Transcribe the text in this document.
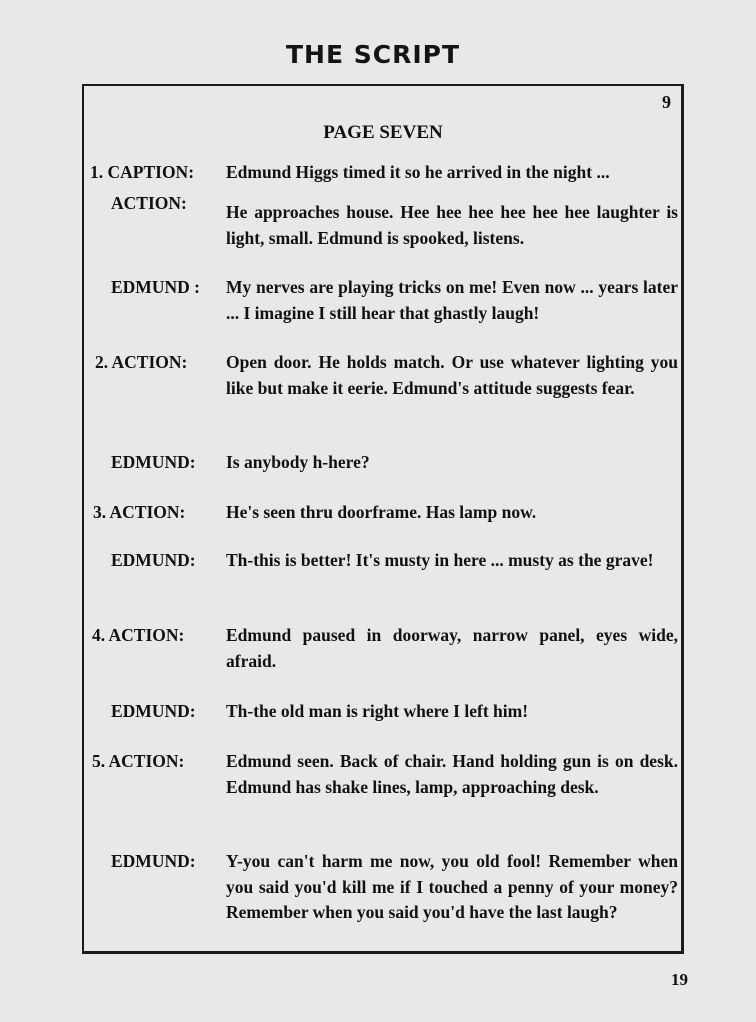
THE SCRIPT
9
PAGE SEVEN
1. CAPTION: Edmund Higgs timed it so he arrived in the night ...
ACTION: He approaches house. Hee hee hee hee hee hee laughter is light, small. Edmund is spooked, listens.
EDMUND : My nerves are playing tricks on me! Even now ... years later ... I imagine I still hear that ghastly laugh!
2. ACTION: Open door. He holds match. Or use whatever lighting you like but make it eerie. Edmund's attitude suggests fear.
EDMUND: Is anybody h-here?
3. ACTION: He's seen thru doorframe. Has lamp now.
EDMUND: Th-this is better! It's musty in here ... musty as the grave!
4. ACTION: Edmund paused in doorway, narrow panel, eyes wide, afraid.
EDMUND: Th-the old man is right where I left him!
5. ACTION: Edmund seen. Back of chair. Hand holding gun is on desk. Edmund has shake lines, lamp, approaching desk.
EDMUND: Y-you can't harm me now, you old fool! Remember when you said you'd kill me if I touched a penny of your money? Remember when you said you'd have the last laugh?
19
